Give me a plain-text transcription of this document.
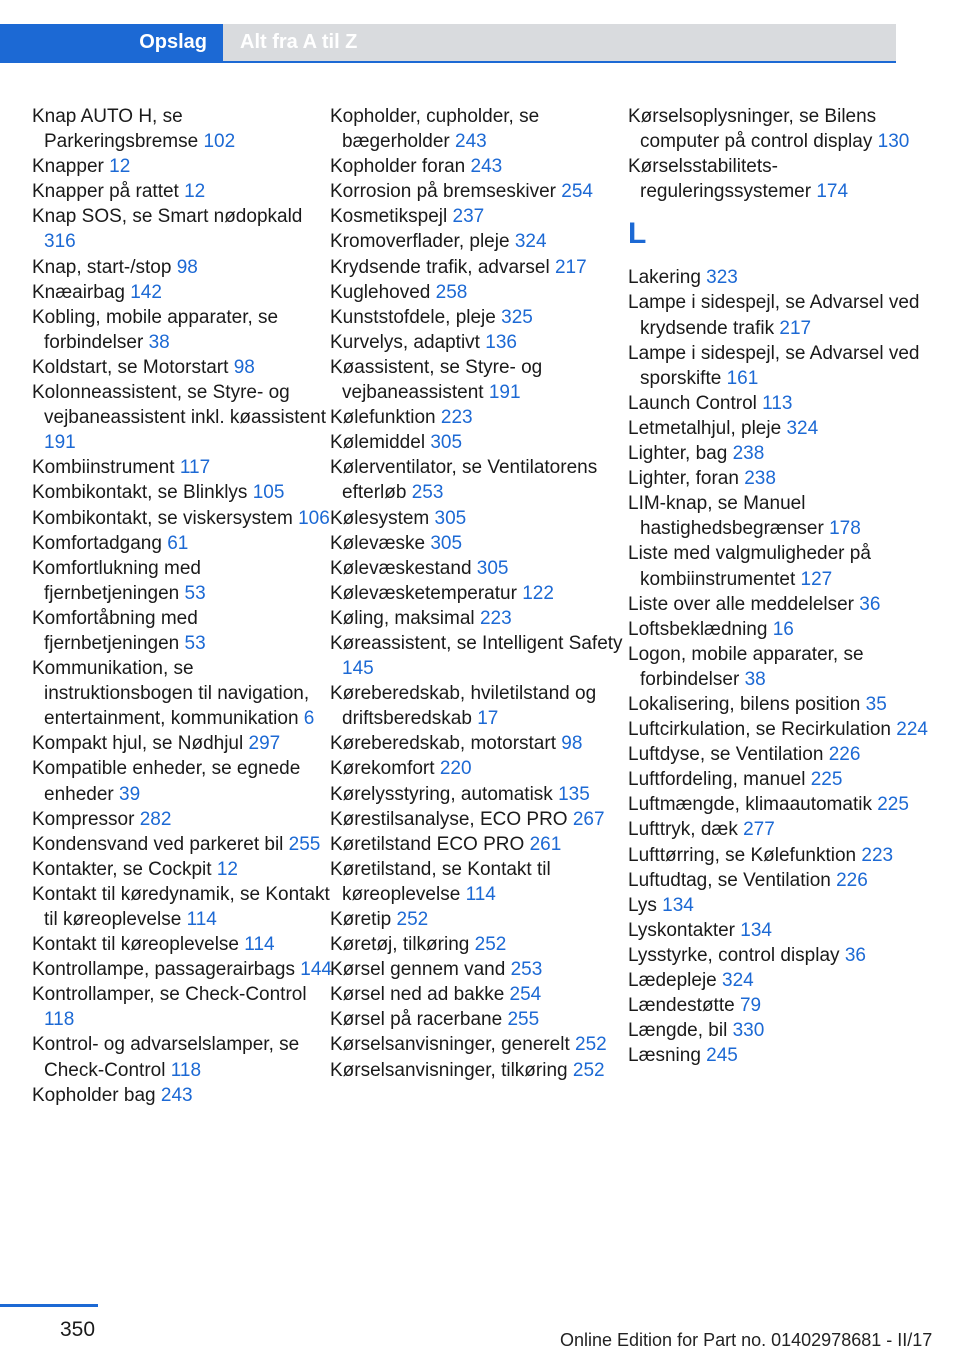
Opslag	Alt fra A til Z
Knap AUTO H, se Parkeringsbremse 102
Knapper 12
Knapper på rattet 12
Knap SOS, se Smart nødopkald 316
Knap, start-/stop 98
Knæairbag 142
Kobling, mobile apparater, se forbindelser 38
Koldstart, se Motorstart 98
Kolonneassistent, se Styre- og vejbaneassistent inkl. køassistent 191
Kombiinstrument 117
Kombikontakt, se Blinklys 105
Kombikontakt, se viskersystem 106
Komfortadgang 61
Komfortlukning med fjernbetjeningen 53
Komfortåbning med fjernbetjeningen 53
Kommunikation, se instruktionsbogen til navigation, entertainment, kommunikation 6
Kompakt hjul, se Nødhjul 297
Kompatible enheder, se egnede enheder 39
Kompressor 282
Kondensvand ved parkeret bil 255
Kontakter, se Cockpit 12
Kontakt til køredynamik, se Kontakt til køreoplevelse 114
Kontakt til køreoplevelse 114
Kontrollampe, passagerairbags 144
Kontrollamper, se Check-Control 118
Kontrol- og advarselslamper, se Check-Control 118
Kopholder bag 243
Kopholder, cupholder, se bægerholder 243
Kopholder foran 243
Korrosion på bremseskiver 254
Kosmetikspejl 237
Kromoverflader, pleje 324
Krydsende trafik, advarsel 217
Kuglehoved 258
Kunststofdele, pleje 325
Kurvelys, adaptivt 136
Køassistent, se Styre- og vejbaneassistent 191
Kølefunktion 223
Kølemiddel 305
Kølerventilator, se Ventilatorens efterløb 253
Kølesystem 305
Kølevæske 305
Kølevæskestand 305
Kølevæsketemperatur 122
Køling, maksimal 223
Køreassistent, se Intelligent Safety 145
Køreberedskab, hviletilstand og driftsberedskab 17
Køreberedskab, motorstart 98
Kørekomfort 220
Kørelysstyring, automatisk 135
Kørestilsanalyse, ECO PRO 267
Køretilstand ECO PRO 261
Køretilstand, se Kontakt til køreoplevelse 114
Køretip 252
Køretøj, tilkøring 252
Kørsel gennem vand 253
Kørsel ned ad bakke 254
Kørsel på racerbane 255
Kørselsanvisninger, generelt 252
Kørselsanvisninger, tilkøring 252
Kørselsoplysninger, se Bilens computer på control display 130
Kørselsstabilitets-reguleringssystemer 174
L
Lakering 323
Lampe i sidespejl, se Advarsel ved krydsende trafik 217
Lampe i sidespejl, se Advarsel ved sporskifte 161
Launch Control 113
Letmetalhjul, pleje 324
Lighter, bag 238
Lighter, foran 238
LIM-knap, se Manuel hastighedsbegrænser 178
Liste med valgmuligheder på kombiinstrumentet 127
Liste over alle meddelelser 36
Loftsbeklædning 16
Logon, mobile apparater, se forbindelser 38
Lokalisering, bilens position 35
Luftcirkulation, se Recirkulation 224
Luftdyse, se Ventilation 226
Luftfordeling, manuel 225
Luftmængde, klimaautomatik 225
Lufttryk, dæk 277
Lufttørring, se Kølefunktion 223
Luftudtag, se Ventilation 226
Lys 134
Lyskontakter 134
Lysstyrke, control display 36
Lædepleje 324
Lændestøtte 79
Længde, bil 330
Læsning 245
350	Online Edition for Part no. 01402978681 - II/17
